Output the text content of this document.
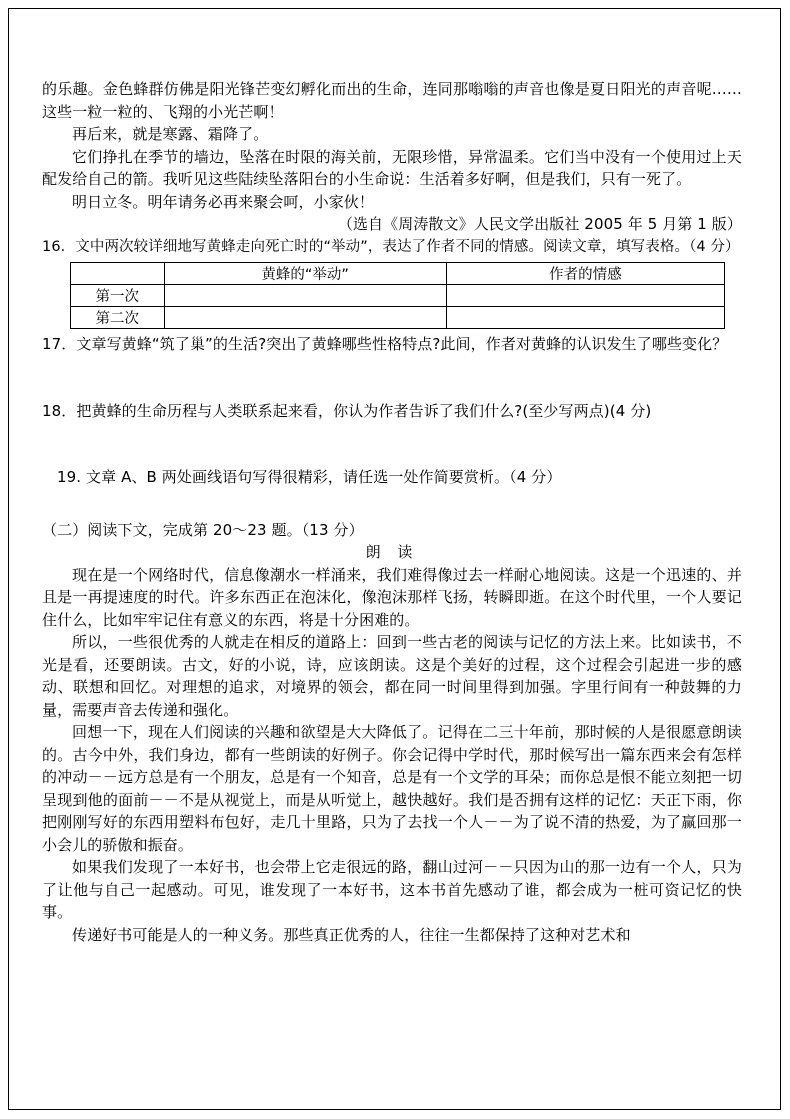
的乐趣。金色蜂群仿佛是阳光锋芒变幻孵化而出的生命，连同那嗡嗡的声音也像是夏日阳光的声音呢……这些一粒一粒的、飞翔的小光芒啊！

再后来，就是寒露、霜降了。

它们挣扎在季节的墙边，坠落在时限的海关前，无限珍惜，异常温柔。它们当中没有一个使用过上天配发给自己的箭。我听见这些陆续坠落阳台的小生命说：生活着多好啊，但是我们，只有一死了。

明日立冬。明年请务必再来聚会呵，小家伙！

（选自《周涛散文》人民文学出版社 2005 年 5 月第 1 版）

16．文中两次较详细地写黄蜂走向死亡时的“举动”，表达了作者不同的情感。阅读文章，填写表格。（4 分）

	黄蜂的“举动”	作者的情感
第一次		
第二次		

17．文章写黄蜂“筑了巢”的生活?突出了黄蜂哪些性格特点?此间，作者对黄蜂的认识发生了哪些变化？

18．把黄蜂的生命历程与人类联系起来看，你认为作者告诉了我们什么?(至少写两点)(4 分)

19. 文章 A、B 两处画线语句写得很精彩，请任选一处作简要赏析。（4 分）

（二）阅读下文，完成第 20～23 题。（13 分）

朗 读

现在是一个网络时代，信息像潮水一样涌来，我们难得像过去一样耐心地阅读。这是一个迅速的、并且是一再提速度的时代。许多东西正在泡沫化，像泡沫那样飞扬，转瞬即逝。在这个时代里，一个人要记住什么，比如牢牢记住有意义的东西，将是十分困难的。

所以，一些很优秀的人就走在相反的道路上：回到一些古老的阅读与记忆的方法上来。比如读书，不光是看，还要朗读。古文，好的小说，诗，应该朗读。这是个美好的过程，这个过程会引起进一步的感动、联想和回忆。对理想的追求，对境界的领会，都在同一时间里得到加强。字里行间有一种鼓舞的力量，需要声音去传递和强化。

回想一下，现在人们阅读的兴趣和欲望是大大降低了。记得在二三十年前，那时候的人是很愿意朗读的。古今中外，我们身边，都有一些朗读的好例子。你会记得中学时代，那时候写出一篇东西来会有怎样的冲动－－远方总是有一个朋友，总是有一个知音，总是有一个文学的耳朵；而你总是恨不能立刻把一切呈现到他的面前－－不是从视觉上，而是从听觉上，越快越好。我们是否拥有这样的记忆：天正下雨，你把刚刚写好的东西用塑料布包好，走几十里路，只为了去找一个人－－为了说不清的热爱，为了赢回那一小会儿的骄傲和振奋。

如果我们发现了一本好书，也会带上它走很远的路，翻山过河－－只因为山的那一边有一个人，只为了让他与自己一起感动。可见，谁发现了一本好书，这本书首先感动了谁，都会成为一桩可资记忆的快事。

传递好书可能是人的一种义务。那些真正优秀的人，往往一生都保持了这种对艺术和
